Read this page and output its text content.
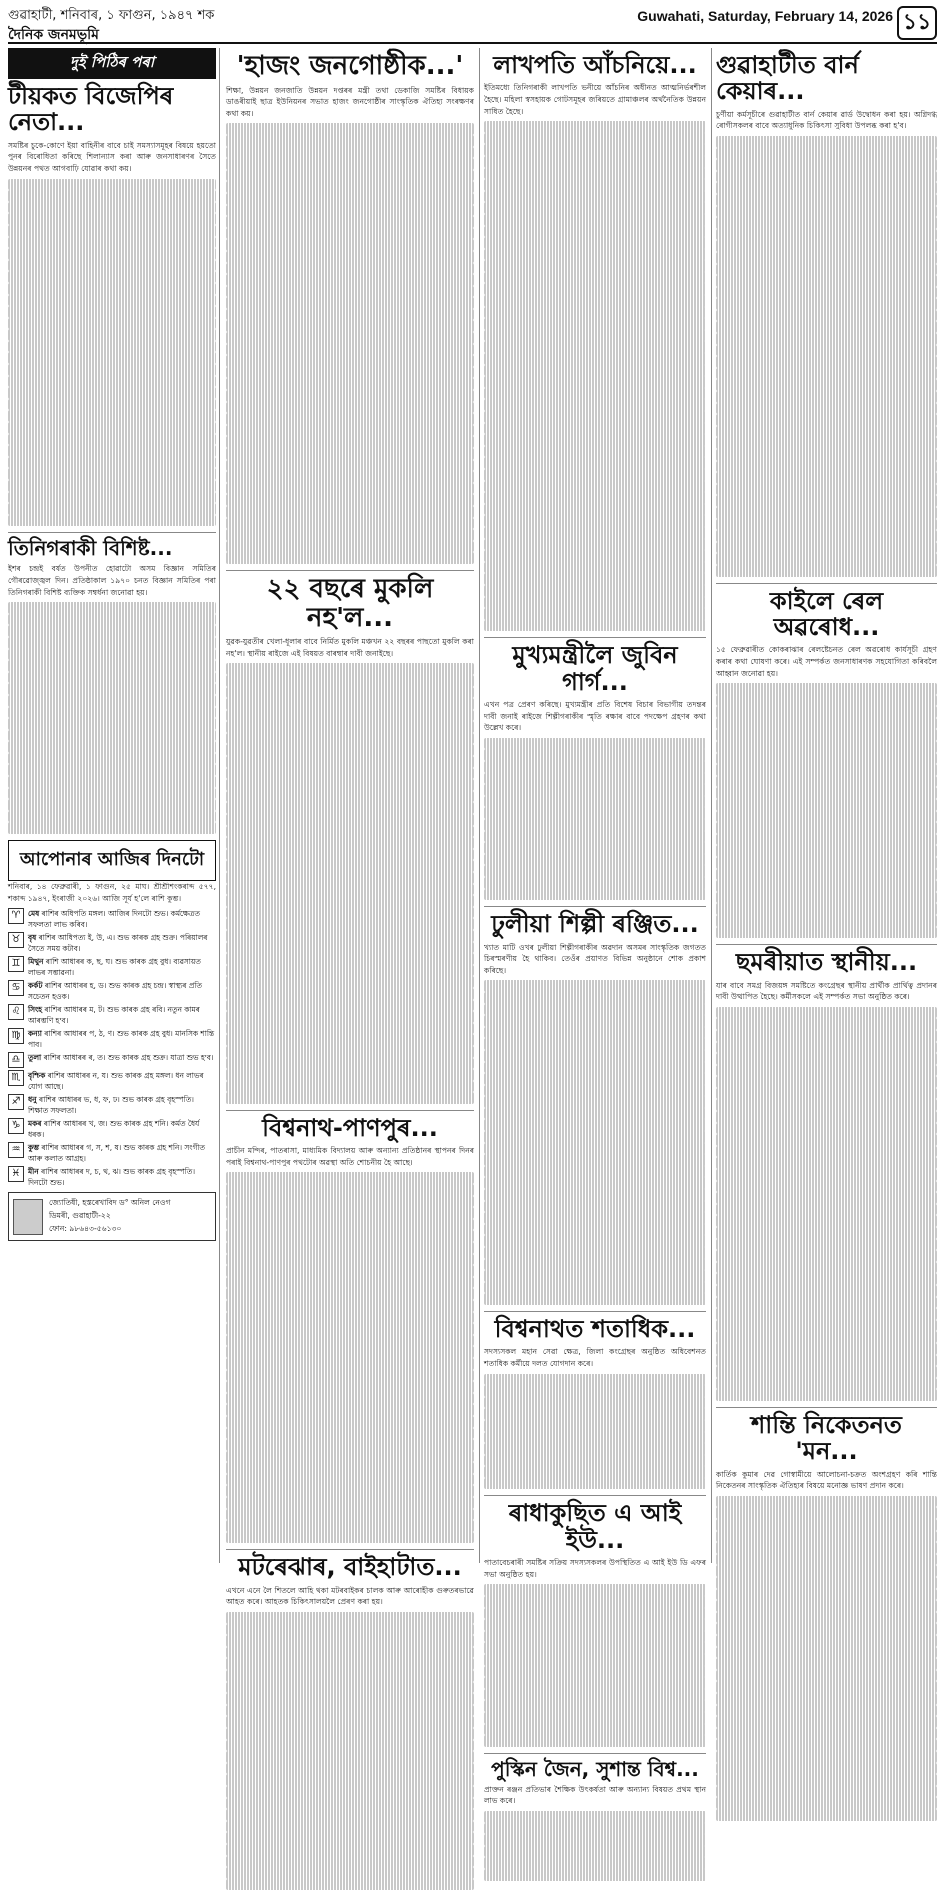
গুৱাহাটী, শনিবাৰ, ১ ফাগুন, ১৯৪৭ শক
দৈনিক জনমভূমি
Guwahati, Saturday, February 14, 2026 ১১
দুই পিঠিৰ পৰা
টীয়কত বিজেপিৰ নেতা...

সমষ্টিৰ চুকে-কোণে ইয়া বাহিনীৰ বাবে চাই সমস্যাসমূহৰ বিষয়ে হয়তো পুনৰ বিৰোধিতা কৰিছে শিলান্যাস কৰা আৰু জনসাধাৰণৰ সৈতে উন্নয়নৰ পথত আগবাঢ়ি যোৱাৰ কথা কয়।

তিনিগৰাকী বিশিষ্ট...

ইশৰ চন্দ্ৰই বৰ্ষত উপনীত হোৱাটো অসম বিজ্ঞান সমিতিৰ গৌৰৱোজ্জ্বল দিন। প্ৰতিষ্ঠাকাল ১৯৭০ চনত বিজ্ঞান সমিতিৰ পৰা তিনিগৰাকী বিশিষ্ট ব্যক্তিক সম্বৰ্ধনা জনোৱা হয়।

আপোনাৰ আজিৰ দিনটো

শনিবাৰ, ১৪ ফেব্ৰুৱাৰী, ১ ফাগুন, ২৫ মাঘ। শ্ৰীশ্ৰীশংকৰাব্দ ৫৭৭, শকাব্দ ১৯৪৭, ইংৰাজী ২০২৬। আজি সূৰ্য হ'লে ৰাশি কুম্ভ।

♈	মেষ ৰাশিৰ অধিপতি মঙ্গল। আজিৰ দিনটো শুভ। কৰ্মক্ষেত্ৰত সফলতা লাভ কৰিব।
♉	বৃষ ৰাশিৰ আধিপত্য ই, উ, এ। শুভ কাৰক গ্ৰহ শুক্ৰ। পৰিয়ালৰ সৈতে সময় কটাব।
♊	মিথুন ৰাশি আধাৰৰ ক, ছ, ঘ। শুভ কাৰক গ্ৰহ বুধ। ব্যৱসায়ত লাভৰ সম্ভাৱনা।
♋	কৰ্কট ৰাশিৰ আধাৰৰ হ, ড। শুভ কাৰক গ্ৰহ চন্দ্ৰ। স্বাস্থ্যৰ প্ৰতি সচেতন হওক।
♌	সিংহ ৰাশিৰ আধাৰৰ ম, ট। শুভ কাৰক গ্ৰহ ৰবি। নতুন কামৰ আৰম্ভণি হ'ব।
♍	কন্যা ৰাশিৰ আধাৰৰ প, ঠ, ণ। শুভ কাৰক গ্ৰহ বুধ। মানসিক শান্তি পাব।
♎	তুলা ৰাশিৰ আধাৰৰ ৰ, ত। শুভ কাৰক গ্ৰহ শুক্ৰ। যাত্ৰা শুভ হ'ব।
♏	বৃশ্চিক ৰাশিৰ আধাৰৰ ন, য। শুভ কাৰক গ্ৰহ মঙ্গল। ধন লাভৰ যোগ আছে।
♐	ধনু ৰাশিৰ আধাৰৰ ভ, ধ, ফ, ঢ। শুভ কাৰক গ্ৰহ বৃহস্পতি। শিক্ষাত সফলতা।
♑	মকৰ ৰাশিৰ আধাৰৰ খ, জ। শুভ কাৰক গ্ৰহ শনি। কৰ্মত ধৈৰ্য ধৰক।
♒	কুম্ভ ৰাশিৰ আধাৰৰ গ, স, শ, ষ। শুভ কাৰক গ্ৰহ শনি। সংগীত আৰু কলাত আগ্ৰহ।
♓	মীন ৰাশিৰ আধাৰৰ দ, চ, থ, ঝ। শুভ কাৰক গ্ৰহ বৃহস্পতি। দিনটো শুভ।
জ্যোতিষী, হস্তৰেখাবিদ ড° অনিল নেওগ
ডিমৰী, গুৱাহাটী-২২
ফোন: ৯৮৬৪৩-৫৬১৩০
'হাজং জনগোষ্ঠীক...'

শিক্ষা, উন্নয়ন জনজাতি উন্নয়ন দপ্তৰৰ মন্ত্ৰী তথা ডেকাজি সমষ্টিৰ বিধায়ক ডাঙৰীয়াই ছাত্ৰ ইউনিয়নৰ সভাত হাজং জনগোষ্ঠীৰ সাংস্কৃতিক ঐতিহ্য সংৰক্ষণৰ কথা কয়।

২২ বছৰে মুকলি নহ'ল...

যুৱক-যুৱতীৰ খেলা-ধূলাৰ বাবে নিৰ্মিত মুকলি মঞ্চখন ২২ বছৰৰ পাছতো মুকলি কৰা নহ'ল। স্থানীয় ৰাইজে এই বিষয়ত বাৰম্বাৰ দাবী জনাইছে।

বিশ্বনাথ-পাণপুৰ...

প্ৰাচীন মন্দিৰ, পাতৰাসা, মাধ্যমিক বিদ্যালয় আৰু অন্যান্য প্ৰতিষ্ঠানৰ স্থাপনৰ দিনৰ পৰাই বিশ্বনাথ-পাণপুৰ পথটোৰ অৱস্থা অতি শোচনীয় হৈ আছে।

মটৰেঝাৰ, বাইহাটাত...

এখনে এনে লৈ শিতলে আহি থকা মটৰবাইকৰ চালক আৰু আৰোহীক গুৰুতৰভাৱে আহত কৰে। আহতক চিকিৎসালয়লৈ প্ৰেৰণ কৰা হয়।

লাখপতি আঁচনিয়ে...

ইতিমধ্যে তিনিগৰাকী লাখপতি ভনীয়ে আঁচনিৰ অধীনত আত্মনিৰ্ভৰশীল হৈছে। মহিলা স্বসহায়ক গোটসমূহৰ জৰিয়তে গ্ৰামাঞ্চলৰ অৰ্থনৈতিক উন্নয়ন সাধিত হৈছে।

মুখ্যমন্ত্ৰীলৈ জুবিন গাৰ্গ...

এখন পত্ৰ প্ৰেৰণ কৰিছে। মুখ্যমন্ত্ৰীৰ প্ৰতি বিশেষ বিচাৰ বিভাগীয় তদন্তৰ দাবী জনাই ৰাইজে শিল্পীগৰাকীৰ স্মৃতি ৰক্ষাৰ বাবে পদক্ষেপ গ্ৰহণৰ কথা উল্লেখ কৰে।

ঢুলীয়া শিল্পী ৰঞ্জিত...

খ্যাত মাটি ওখৰ ঢুলীয়া শিল্পীগৰাকীৰ অৱদান অসমৰ সাংস্কৃতিক জগতত চিৰস্মৰণীয় হৈ থাকিব। তেওঁৰ প্ৰয়াণত বিভিন্ন অনুষ্ঠানে শোক প্ৰকাশ কৰিছে।

বিশ্বনাথত শতাধিক...

সদস্যসকল মহান সেৱা ক্ষেত্ৰ, জিলা কংগ্ৰেছৰ অনুষ্ঠিত অধিবেশনত শতাধিক কৰ্মীয়ে দলত যোগদান কৰে।

ৰাধাকুছিত এ আই ইউ...

পাতাবেচৰাৰী সমষ্টিৰ সক্ৰিয় সদস্যসকলৰ উপস্থিতিত এ আই ইউ ডি এফৰ সভা অনুষ্ঠিত হয়।

পুস্কিন জৈন, সুশান্ত বিশ্ব...

প্ৰাক্তন ৰঞ্জন প্ৰতিভাৰ শৈক্ষিক উৎকৰ্ষতা আৰু অন্যান্য বিষয়ত প্ৰথম স্থান লাভ কৰে।

গুৱাহাটীত বাৰ্ন কেয়াৰ...

চুৰ্ণীয়া কৰ্মসূচীৰে গুৱাহাটীত বাৰ্ন কেয়াৰ ৱাৰ্ড উদ্বোধন কৰা হয়। অগ্নিদগ্ধ ৰোগীসকলৰ বাবে অত্যাধুনিক চিকিৎসা সুবিধা উপলব্ধ কৰা হ'ব।

কাইলে ৰেল অৱৰোধ...

১৫ ফেব্ৰুৱাৰীত কোকৰাঝাৰ ৰেলষ্টেচনত ৰেল অৱৰোধ কাৰ্যসূচী গ্ৰহণ কৰাৰ কথা ঘোষণা কৰে। এই সম্পৰ্কত জনসাধাৰণক সহযোগিতা কৰিবলৈ আহ্বান জনোৱা হয়।

ছমৰীয়াত স্থানীয়...

যাৰ বাবে সমগ্ৰ বিজয়ঙ্গ সমষ্টিতে কংগ্ৰেছৰ স্থানীয় প্ৰাৰ্থীক প্ৰাৰ্থিত্ব প্ৰদানৰ দাবী উত্থাপিত হৈছে। কৰ্মীসকলে এই সম্পৰ্কত সভা অনুষ্ঠিত কৰে।

শান্তি নিকেতনত 'মন...

কাৰ্তিক কুমাৰ দেৱ গোস্বামীয়ে আলোচনা-চক্ৰত অংশগ্ৰহণ কৰি শান্তি নিকেতনৰ সাংস্কৃতিক ঐতিহ্যৰ বিষয়ে মনোজ্ঞ ভাষণ প্ৰদান কৰে।
